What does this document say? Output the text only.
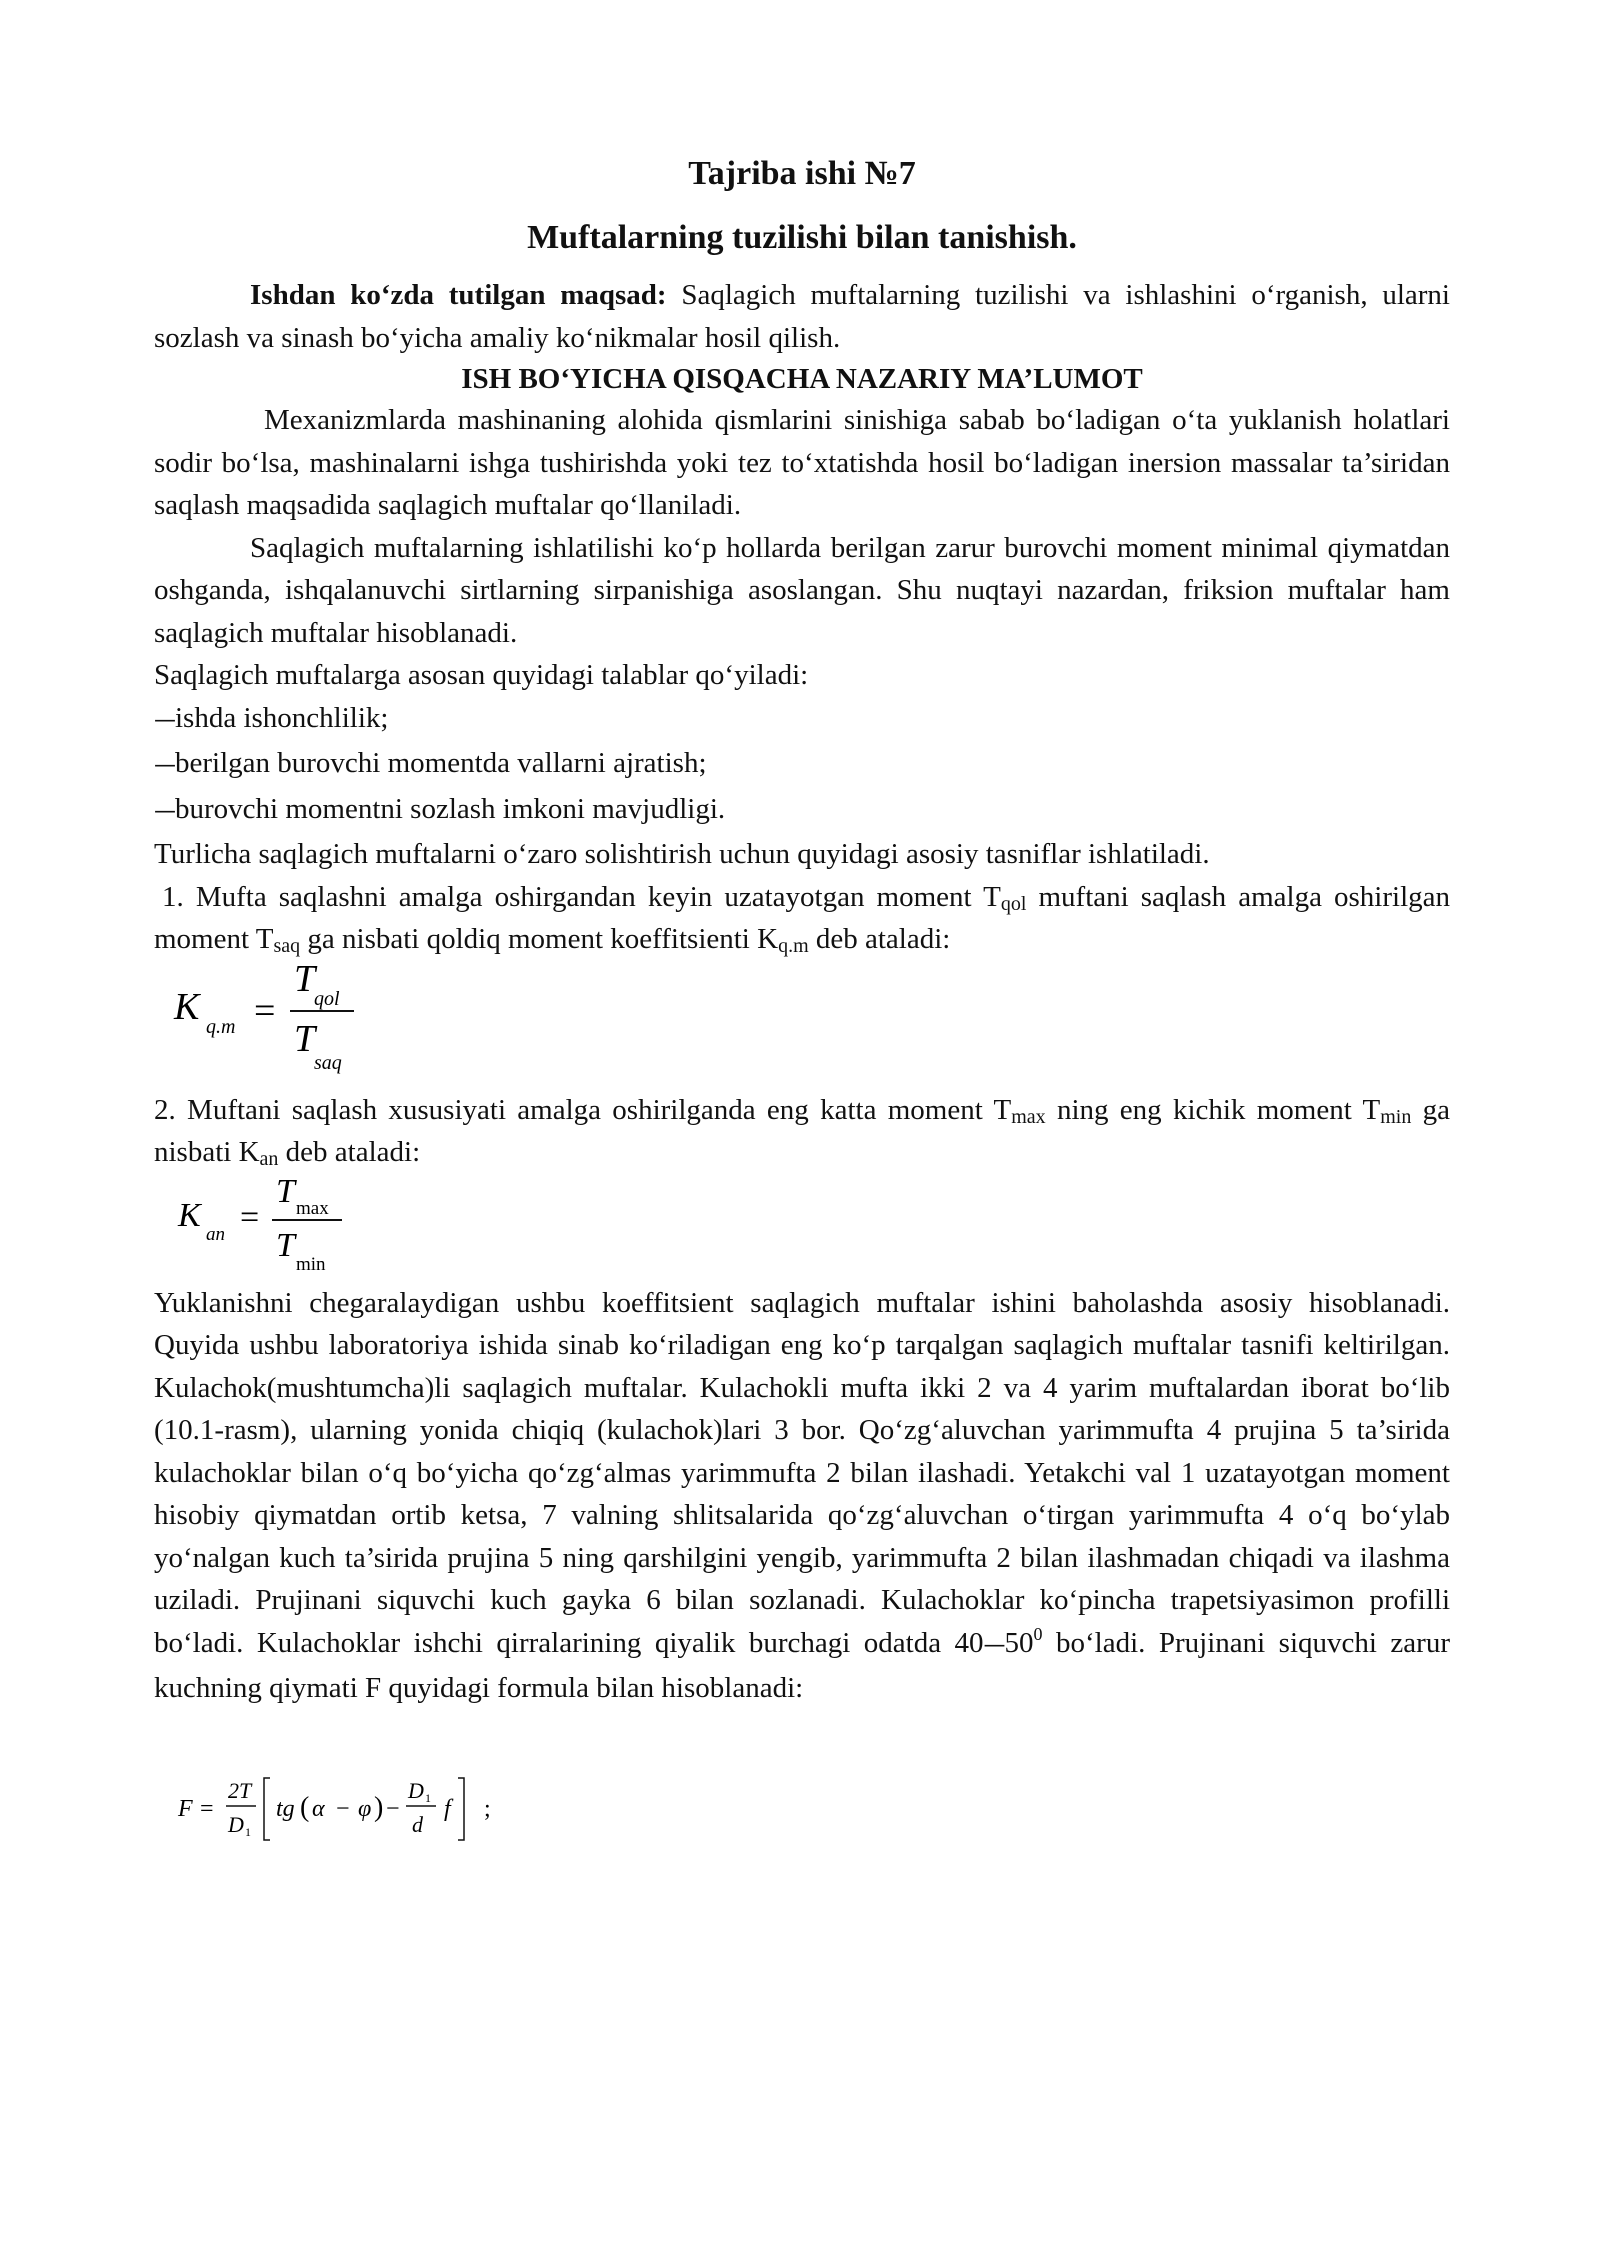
Tajriba ishi №7
Muftalarning tuzilishi bilan tanishish.

Ishdan ko‘zda tutilgan maqsad: Saqlagich muftalarning tuzilishi va ishlashini o‘rganish, ularni sozlash va sinash bo‘yicha amaliy ko‘nikmalar hosil qilish.

ISH BO‘YICHA QISQACHA NAZARIY MA’LUMOT

Mexanizmlarda mashinaning alohida qismlarini sinishiga sabab bo‘ladigan o‘ta yuklanish holatlari sodir bo‘lsa, mashinalarni ishga tushirishda yoki tez to‘xtatishda hosil bo‘ladigan inersion massalar ta’siridan saqlash maqsadida saqlagich muftalar qo‘llaniladi.

Saqlagich muftalarning ishlatilishi ko‘p hollarda berilgan zarur burovchi moment minimal qiymatdan oshganda, ishqalanuvchi sirtlarning sirpanishiga asoslangan. Shu nuqtayi nazardan, friksion muftalar ham saqlagich muftalar hisoblanadi.

Saqlagich muftalarga asosan quyidagi talablar qo‘yiladi:

—ishda ishonchlilik;

—berilgan burovchi momentda vallarni ajratish;

—burovchi momentni sozlash imkoni mavjudligi.

Turlicha saqlagich muftalarni o‘zaro solishtirish uchun quyidagi asosiy tasniflar ishlatiladi.

1. Mufta saqlashni amalga oshirgandan keyin uzatayotgan moment $T_{qol}$ muftani saqlash amalga oshirilgan moment $T_{saq}$ ga nisbati qoldiq moment koeffitsienti $K_{q.m}$ deb ataladi:

K q.m =
T
qol
T
saq

2. Muftani saqlash xususiyati amalga oshirilganda eng katta moment $T_{max}$ ning eng kichik moment $T_{min}$ ga nisbati $K_{an}$ deb ataladi:

K
an =
T max
T
min

Yuklanishni chegaralaydigan ushbu koeffitsient saqlagich muftalar ishini baholashda asosiy hisoblanadi. Quyida ushbu laboratoriya ishida sinab ko‘riladigan eng ko‘p tarqalgan saqlagich muftalar tasnifi keltirilgan. Kulachok(mushtumcha)li saqlagich muftalar. Kulachokli mufta ikki 2 va 4 yarim muftalardan iborat bo‘lib (10.1-rasm), ularning yonida chiqiq (kulachok)lari 3 bor. Qo‘zg‘aluvchan yarimmufta 4 prujina 5 ta’sirida kulachoklar bilan o‘q bo‘yicha qo‘zg‘almas yarimmufta 2 bilan ilashadi. Yetakchi val 1 uzatayotgan moment hisobiy qiymatdan ortib ketsa, 7 valning shlitsalarida qo‘zg‘aluvchan o‘tirgan yarimmufta 4 o‘q bo‘ylab yo‘nalgan kuch ta’sirida prujina 5 ning qarshilgini yengib, yarimmufta 2 bilan ilashmadan chiqadi va ilashma uziladi. Prujinani siquvchi kuch gayka 6 bilan sozlanadi. Kulachoklar ko‘pincha trapetsiyasimon profilli bo‘ladi. Kulachoklar ishchi qirralarining qiyalik burchagi odatda $40—50^0$ bo‘ladi. Prujinani siquvchi zarur kuchning qiymati F quyidagi formula bilan hisoblanadi:

F =
2T
D 1
tg ( α − φ ) −
D 1
d
f ;
